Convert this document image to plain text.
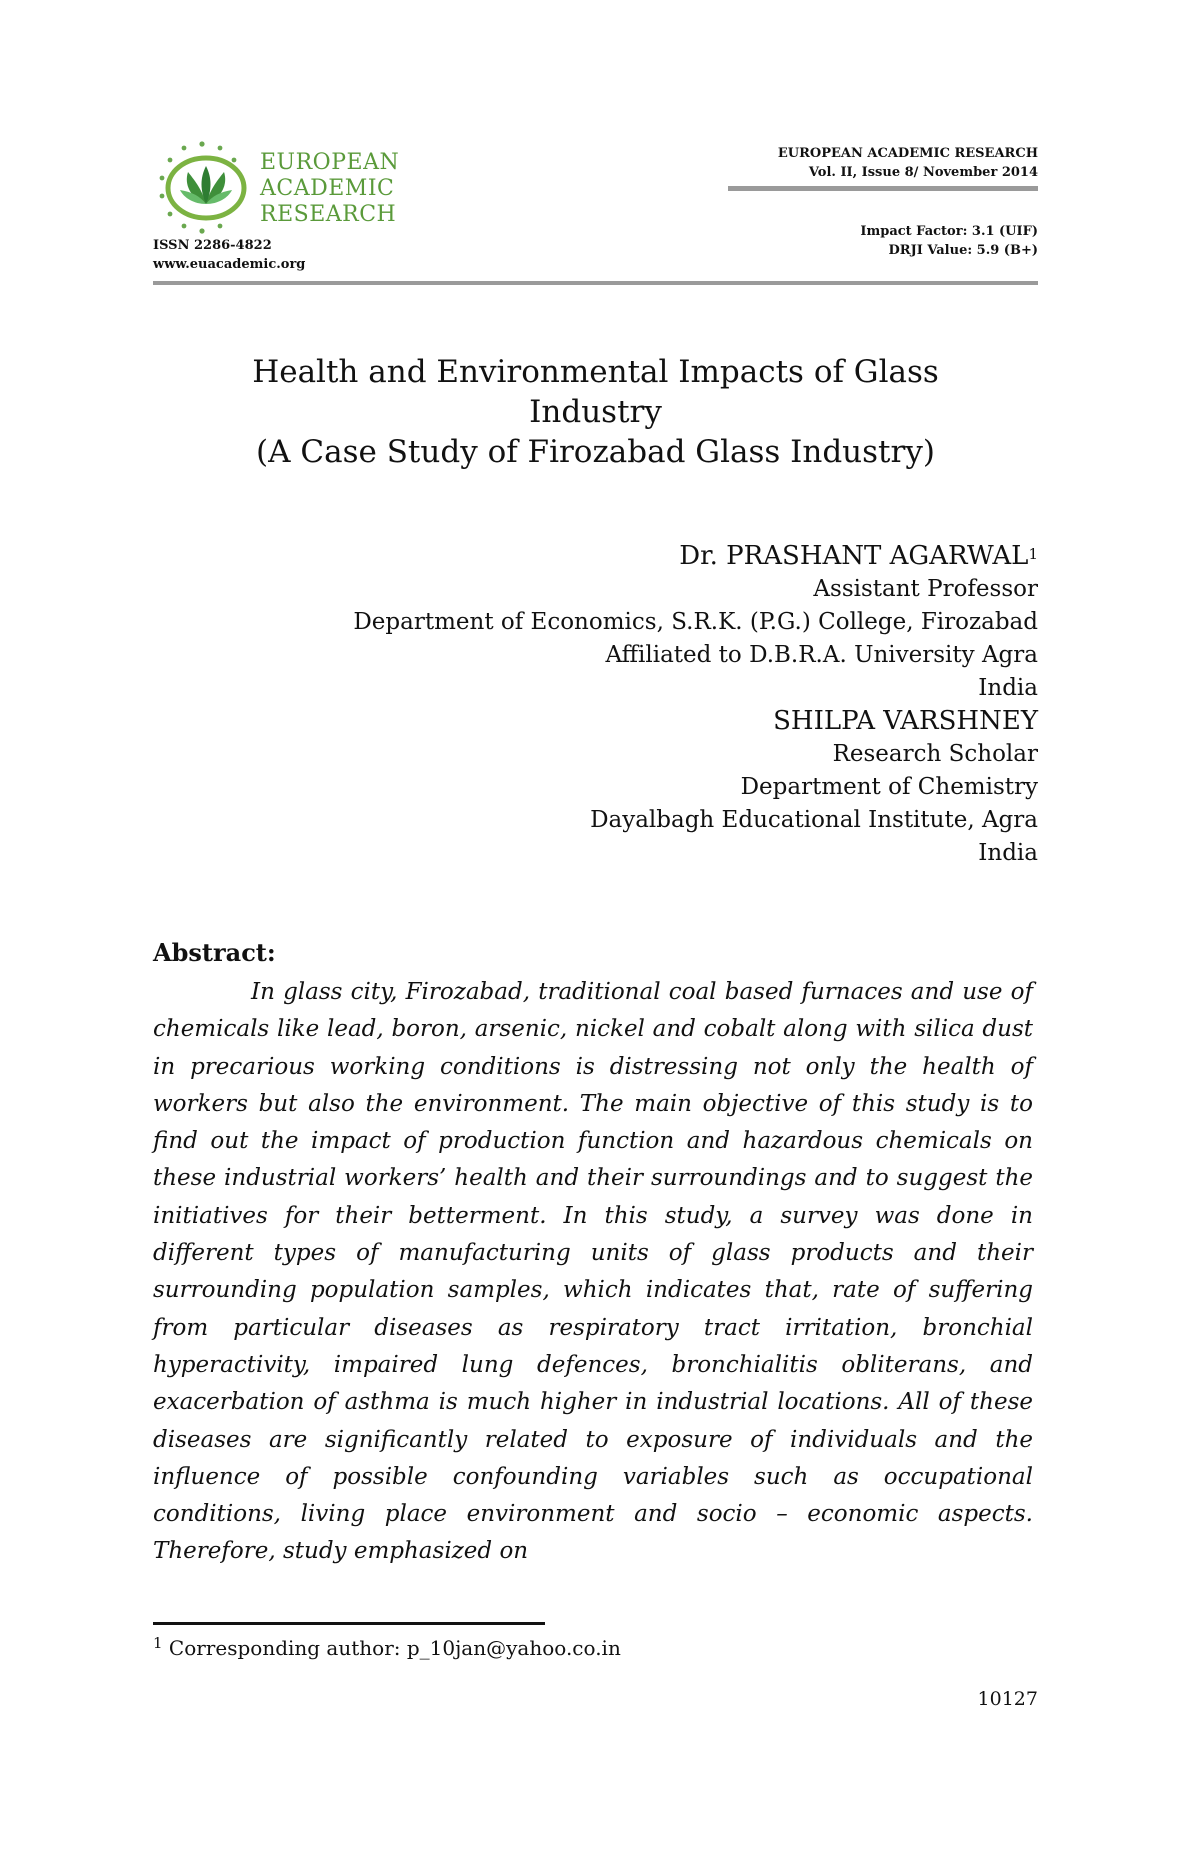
EUROPEAN
ACADEMIC
RESEARCH
ISSN 2286-4822
www.euacademic.org
EUROPEAN ACADEMIC RESEARCH
Vol. II, Issue 8/ November 2014
Impact Factor: 3.1 (UIF)
DRJI Value: 5.9 (B+)
Health and Environmental Impacts of Glass
Industry
(A Case Study of Firozabad Glass Industry)
Dr. PRASHANT AGARWAL$^1$
Assistant Professor
Department of Economics, S.R.K. (P.G.) College, Firozabad
Affiliated to D.B.R.A. University Agra
India
SHILPA VARSHNEY
Research Scholar
Department of Chemistry
Dayalbagh Educational Institute, Agra
India
Abstract:

In glass city, Firozabad, traditional coal based furnaces and use of chemicals like lead, boron, arsenic, nickel and cobalt along with silica dust in precarious working conditions is distressing not only the health of workers but also the environment. The main objective of this study is to find out the impact of production function and hazardous chemicals on these industrial workers’ health and their surroundings and to suggest the initiatives for their betterment. In this study, a survey was done in different types of manufacturing units of glass products and their surrounding population samples, which indicates that, rate of suffering from particular diseases as respiratory tract irritation, bronchial hyperactivity, impaired lung defences, bronchialitis obliterans, and exacerbation of asthma is much higher in industrial locations. All of these diseases are significantly related to exposure of individuals and the influence of possible confounding variables such as occupational conditions, living place environment and socio – economic aspects. Therefore, study emphasized on

$^1$ Corresponding author: p_10jan@yahoo.co.in
10127
